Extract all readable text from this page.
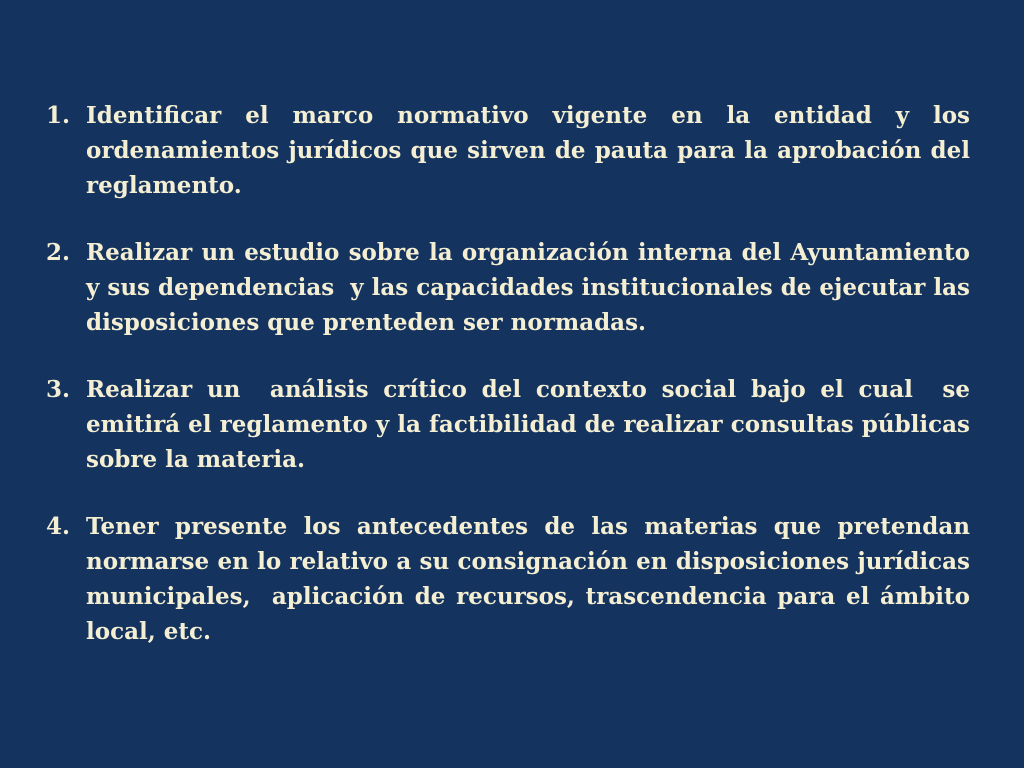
1. Identificar el marco normativo vigente en la entidad y los ordenamientos jurídicos que sirven de pauta para la aprobación del reglamento.
2. Realizar un estudio sobre la organización interna del Ayuntamiento y sus dependencias  y las capacidades institucionales de ejecutar las disposiciones que prenteden ser normadas.
3. Realizar un  análisis crítico del contexto social bajo el cual  se emitirá el reglamento y la factibilidad de realizar consultas públicas sobre la materia.
4. Tener presente los antecedentes de las materias que pretendan normarse en lo relativo a su consignación en disposiciones jurídicas municipales,  aplicación de recursos, trascendencia para el ámbito local, etc.
